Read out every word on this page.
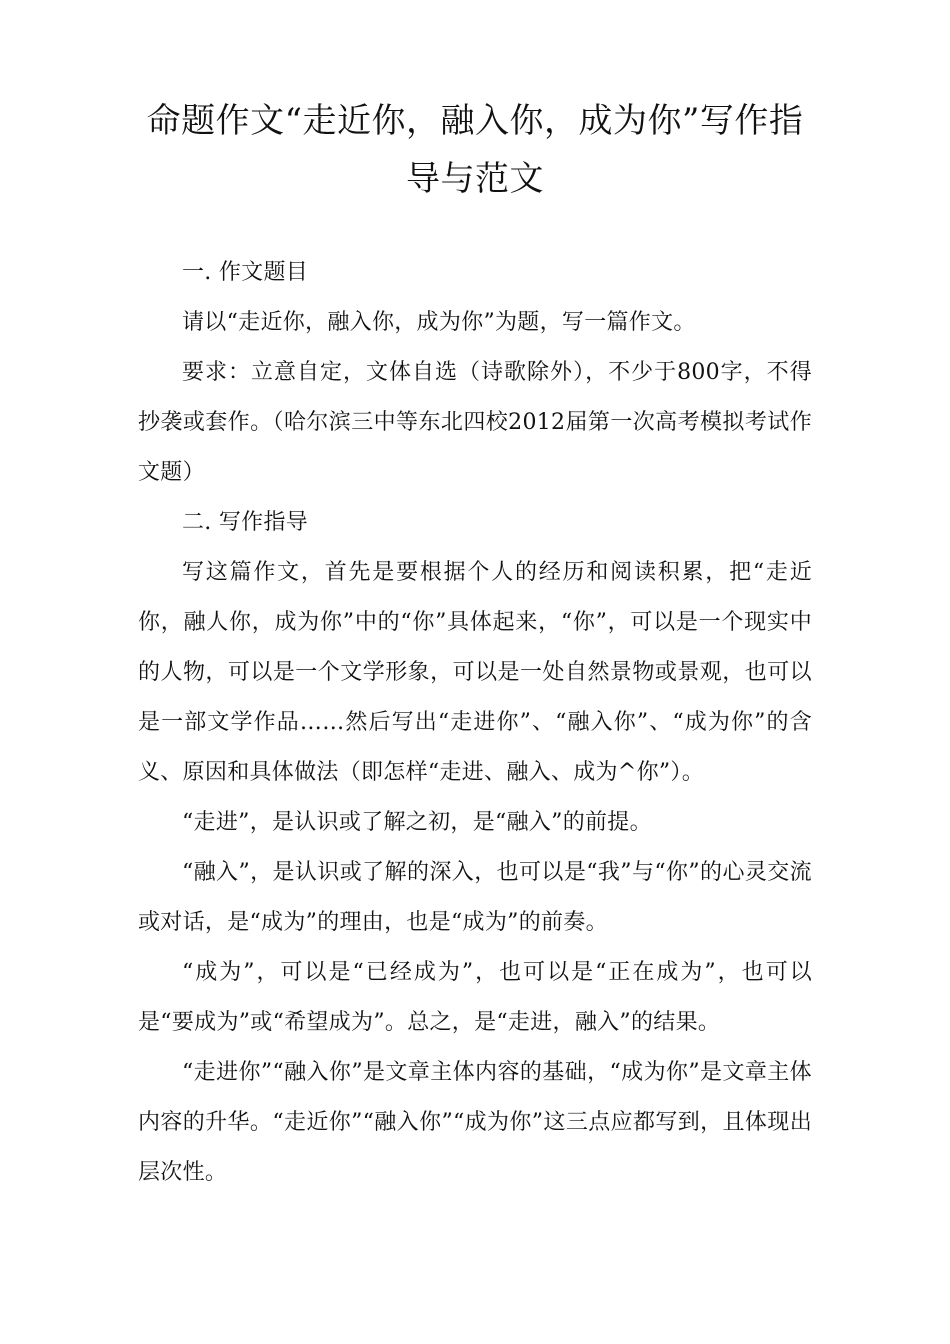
命题作文“走近你，融入你，成为你”写作指导与范文

一. 作文题目

请以“走近你，融入你，成为你”为题，写一篇作文。

要求：立意自定，文体自选（诗歌除外），不少于800字，不得抄袭或套作。（哈尔滨三中等东北四校2012届第一次高考模拟考试作文题）

二. 写作指导

写这篇作文，首先是要根据个人的经历和阅读积累，把“走近你，融人你，成为你”中的“你”具体起来，“你”，可以是一个现实中的人物，可以是一个文学形象，可以是一处自然景物或景观，也可以是一部文学作品……然后写出“走进你”、“融入你”、“成为你”的含义、原因和具体做法（即怎样“走进、融入、成为^你”）。

“走进”，是认识或了解之初，是“融入”的前提。

“融入”，是认识或了解的深入，也可以是“我”与“你”的心灵交流或对话，是“成为”的理由，也是“成为”的前奏。

“成为”，可以是“已经成为”，也可以是“正在成为”，也可以是“要成为”或“希望成为”。总之，是“走进，融入”的结果。

“走进你”“融入你”是文章主体内容的基础，“成为你”是文章主体内容的升华。“走近你”“融入你”“成为你”这三点应都写到，且体现出层次性。
